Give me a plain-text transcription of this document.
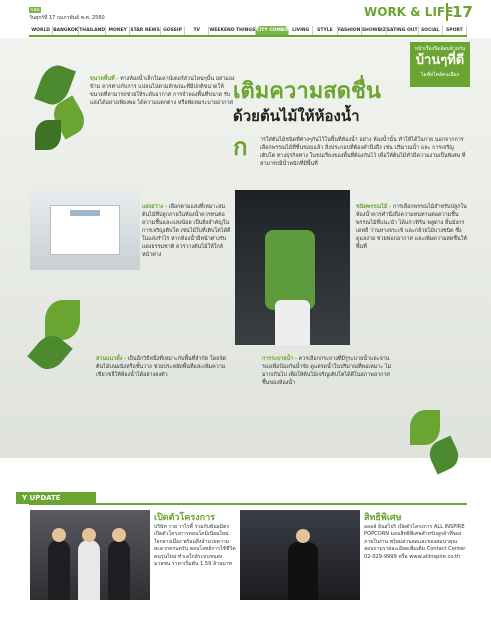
กลม
วันศุกร์ที่ 17 กุมภาพันธ์ พ.ศ. 2560	WORK & LIFE
17
WORLD BANGKOK THAILAND MONEY STAR NEWS GOSSIP	TV	WEEKEND THINGS CITY COMBO LIVING	STYLE	FASHION SHOWBIZ EATING OUT SOCIAL	SPORT
หน้าเรื่องปิดล้อมด้วยกัน
บ้านๆที่ดี
ไลฟ์สไตล์คนเมือง
เติมความสดชื่น
ด้วยต้นไม้ให้ห้องน้ำ
ก ารใส่ต้นไม้ชนิดที่ต่างๆกันไว้ในพื้นที่ห้องน้ำ อย่าง ห้องน้ำนั้น ทำให้ได้ในกาย นอกจากการเลือกพรรณไม้ที่ชื่นชอบแล้ว สิ่งประกอบที่ต้องคำนึงถึง เช่น ปริมาณน้ำ และ การเจริญเติบโต ทางธุรกิจทาง ในขนเรียงของพื้นที่ต้องกันไว้ เพื่อให้ต้นไม้ทำมีความงามเป็นพิเศษ ที่สามารถมีน้ำหนักที่มีพื้นที่
ขนาดพื้นที่ - ทางห้องน้ำเล็กในเคาน์เตอร์ส่วนไหนๆนั้น อย่ามองข้าม ควรต่างกับการ แปลนไปตามลักษณะที่มีปกติขนาดให้ขนาดที่สามารถช่วยให้ระดับอากาศ การจำลองพื้นที่ขนาด รับแสงได้อย่างเพียงพอ ได้ความแตกต่าง หรือพัดลมระบายอากาศ
แสงสว่าง - เลือกตามแสงที่เหมาะสม ต้นไม้ที่ปลูกภายในห้องน้ำควรทนต่อความชื้นและแสงน้อย เป็นสิ่งสำคัญในการเจริญเติบโต เช่นไม้ใบที่เติบโตได้ดีในแสงรำไร หากห้องน้ำมีหน้าต่างรับแสงธรรมชาติ ควรวางต้นไม้ให้ใกล้หน้าต่าง
ชนิดพรรณไม้ - การเลือกพรรณไม้สำหรับปลูกในห้องน้ำควรคำนึงถึงความทนทานต่อความชื้น พรรณไม้ที่แนะนำ ได้แก่ เฟิร์น พลูด่าง ลิ้นมังกร เดหลี ว่านหางจระเข้ และกล้วยไม้บางชนิด ซึ่งดูแลง่าย ช่วยฟอกอากาศ และเพิ่มความสดชื่นให้พื้นที่
สวนแนวตั้ง - เป็นอีกวิธีหนึ่งที่เหมาะกับพื้นที่จำกัด โดยจัดต้นไม้บนผนังหรือชั้นวาง ช่วยประหยัดพื้นที่และเพิ่มความเขียวขจีให้ห้องน้ำได้อย่างลงตัว
การระบายน้ำ - ควรเลือกกระถางที่มีรูระบายน้ำและจานรองเพื่อป้องกันน้ำขัง ดูแลรดน้ำในปริมาณที่พอเหมาะ ไม่มากเกินไป เพื่อให้ต้นไม้เจริญเติบโตได้ดีในสภาพอากาศชื้นของห้องน้ำ
Y UPDATE
เปิดตัวโครงการ
บริษัท วาย วาไรตี้ ร่วมกับพันธมิตร เปิดตัวโครงการคอนโดมิเนียมใหม่ใจกลางเมือง พร้อมสิ่งอำนวยความสะดวกครบครัน ตอบโจทย์การใช้ชีวิตคนรุ่นใหม่ ทำเลใกล้ระบบขนส่งมวลชน ราคาเริ่มต้น 1.59 ล้านบาท
สิทธิพิเศษ
ออลล์ อินสไปร์ เปิดตัวโครงการ ALL INSPIRE POPCORN มอบสิทธิพิเศษสำหรับลูกค้าที่จองภายในงาน พร้อมส่วนลดและของสมนาคุณ สอบถามรายละเอียดเพิ่มเติม Contact Center 02-029-9999 หรือ www.allinspire.co.th
